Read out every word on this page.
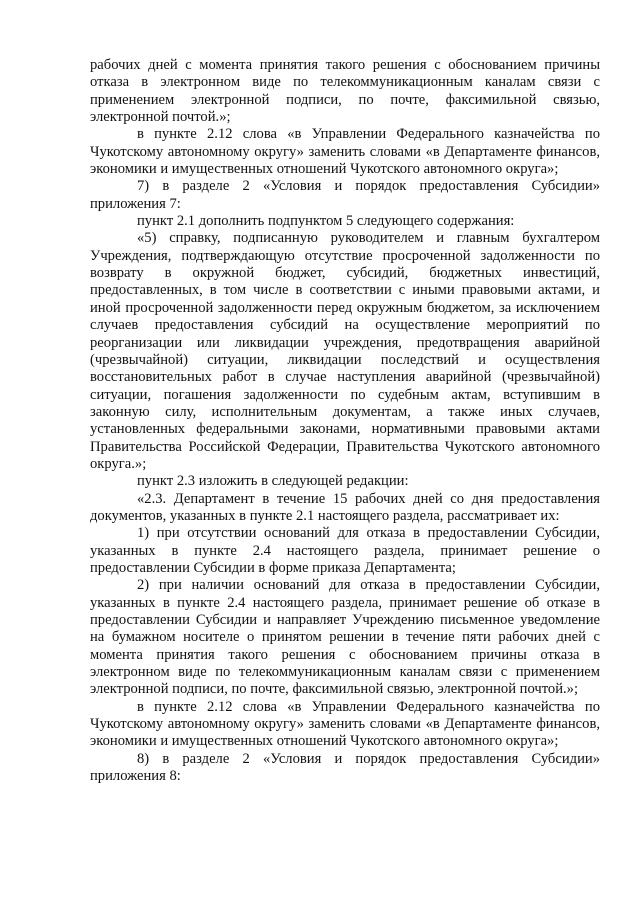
рабочих дней с момента принятия такого решения с обоснованием причины отказа в электронном виде по телекоммуникационным каналам связи с применением электронной подписи, по почте, факсимильной связью, электронной почтой.»;

в пункте 2.12 слова «в Управлении Федерального казначейства по Чукотскому автономному округу» заменить словами «в Департаменте финансов, экономики и имущественных отношений Чукотского автономного округа»;

7) в разделе 2 «Условия и порядок предоставления Субсидии» приложения 7:

пункт 2.1 дополнить подпунктом 5 следующего содержания:

«5) справку, подписанную руководителем и главным бухгалтером Учреждения, подтверждающую отсутствие просроченной задолженности по возврату в окружной бюджет, субсидий, бюджетных инвестиций, предоставленных, в том числе в соответствии с иными правовыми актами, и иной просроченной задолженности перед окружным бюджетом, за исключением случаев предоставления субсидий на осуществление мероприятий по реорганизации или ликвидации учреждения, предотвращения аварийной (чрезвычайной) ситуации, ликвидации последствий и осуществления восстановительных работ в случае наступления аварийной (чрезвычайной) ситуации, погашения задолженности по судебным актам, вступившим в законную силу, исполнительным документам, а также иных случаев, установленных федеральными законами, нормативными правовыми актами Правительства Российской Федерации, Правительства Чукотского автономного округа.»;

пункт 2.3 изложить в следующей редакции:

«2.3. Департамент в течение 15 рабочих дней со дня предоставления документов, указанных в пункте 2.1 настоящего раздела, рассматривает их:

1) при отсутствии оснований для отказа в предоставлении Субсидии, указанных в пункте 2.4 настоящего раздела, принимает решение о предоставлении Субсидии в форме приказа Департамента;

2) при наличии оснований для отказа в предоставлении Субсидии, указанных в пункте 2.4 настоящего раздела, принимает решение об отказе в предоставлении Субсидии и направляет Учреждению письменное уведомление на бумажном носителе о принятом решении в течение пяти рабочих дней с момента принятия такого решения с обоснованием причины отказа в электронном виде по телекоммуникационным каналам связи с применением электронной подписи, по почте, факсимильной связью, электронной почтой.»;

в пункте 2.12 слова «в Управлении Федерального казначейства по Чукотскому автономному округу» заменить словами «в Департаменте финансов, экономики и имущественных отношений Чукотского автономного округа»;

8) в разделе 2 «Условия и порядок предоставления Субсидии» приложения 8:
